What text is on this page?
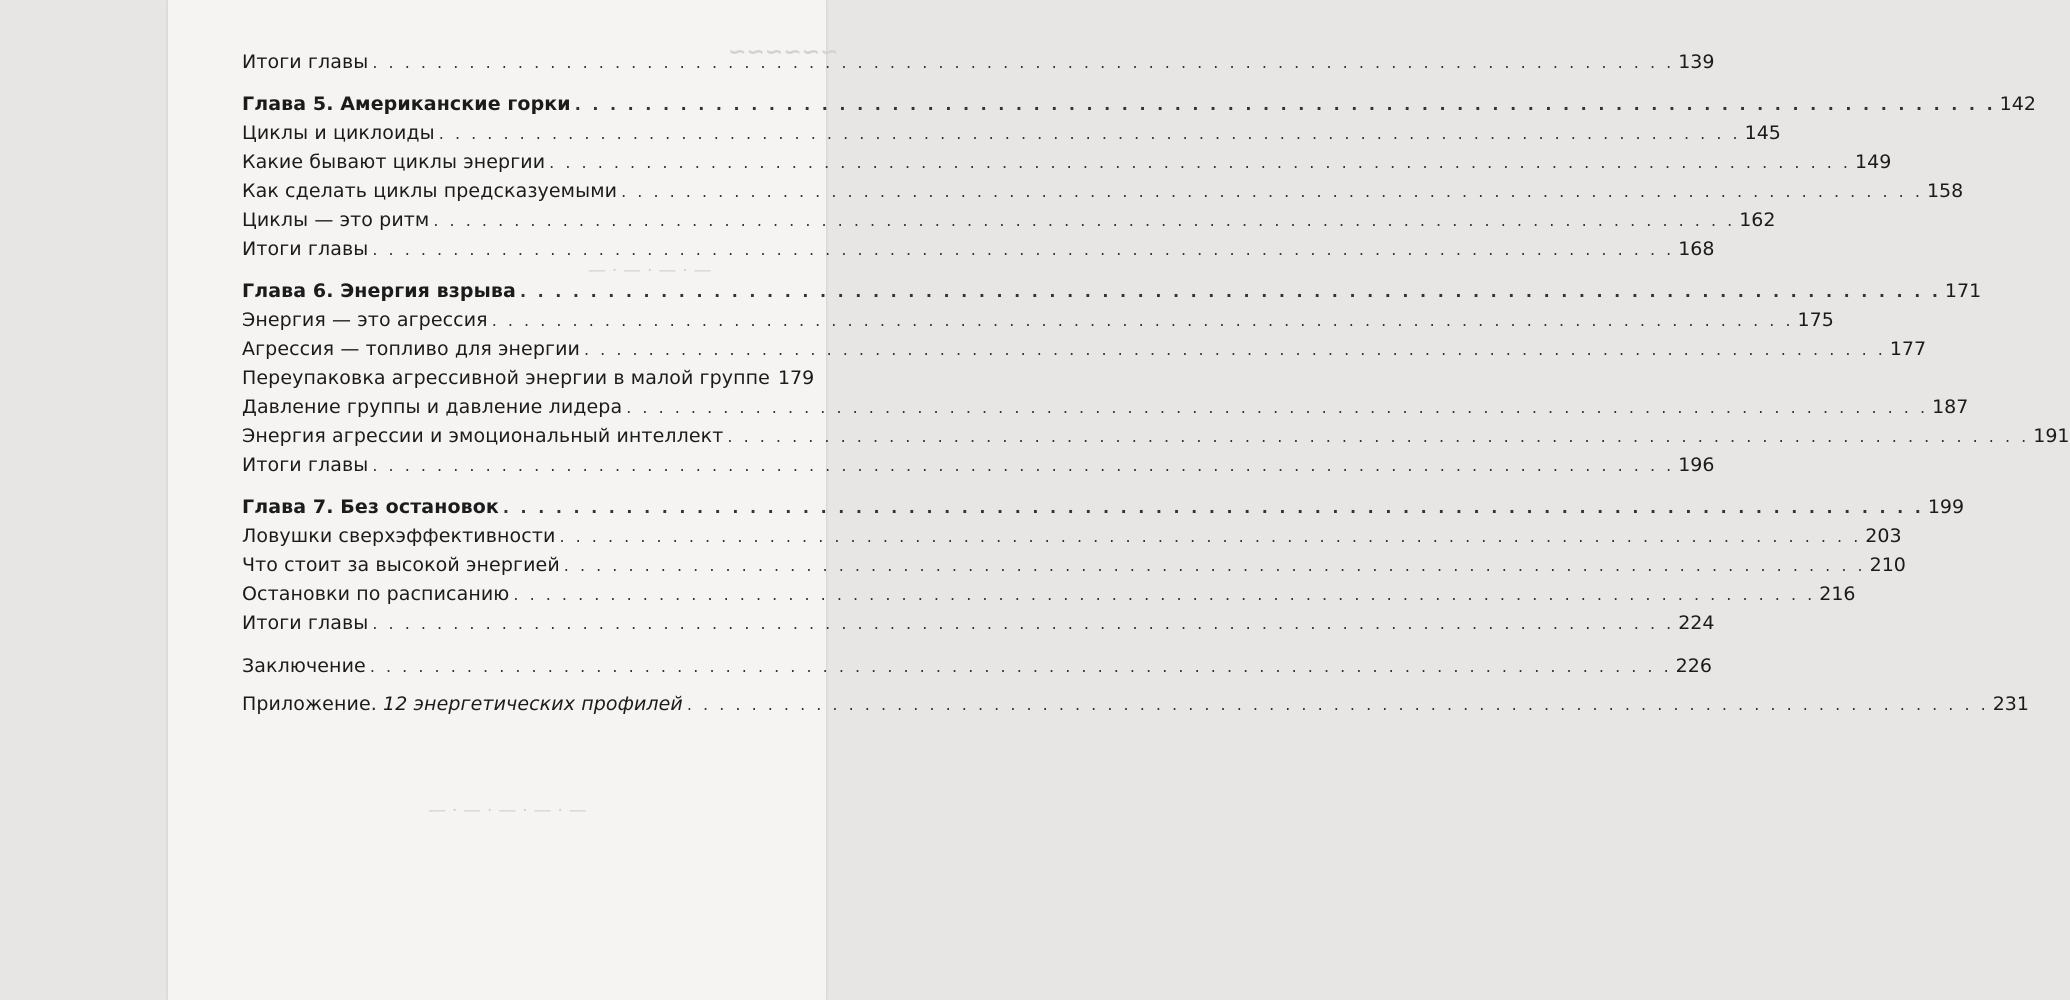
~~~~~~
— · — · — · —
— · — · — · — · —
Итоги главы . . .	139
Глава 5. Американские горки . . .	142
Циклы и циклоиды . . .	145
Какие бывают циклы энергии . . .	149
Как сделать циклы предсказуемыми . . .	158
Циклы — это ритм . . .	162
Итоги главы . . .	168
Глава 6. Энергия взрыва . . .	171
Энергия — это агрессия . . .	175
Агрессия — топливо для энергии . . .	177
Переупаковка агрессивной энергии в малой группе 179
Давление группы и давление лидера . . .	187
Энергия агрессии и эмоциональный интеллект . . .	191
Итоги главы . . .	196
Глава 7. Без остановок . . .	199
Ловушки сверхэффективности . . .	203
Что стоит за высокой энергией . . .	210
Остановки по расписанию . . .	216
Итоги главы . . .	224
Заключение . . .	226
Приложение. 12 энергетических профилей . . .	231
